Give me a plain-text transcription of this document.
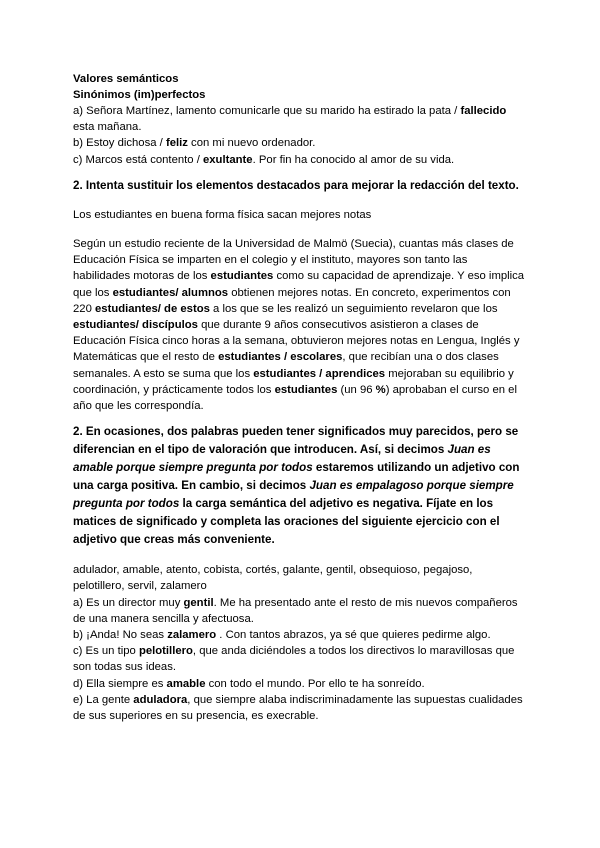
Valores semánticos

Sinónimos (im)perfectos

a) Señora Martínez, lamento comunicarle que su marido ha estirado la pata / fallecido esta mañana.

b) Estoy dichosa / feliz con mi nuevo ordenador.

c) Marcos está contento / exultante. Por fin ha conocido al amor de su vida.

2. Intenta sustituir los elementos destacados para mejorar la redacción del texto.

Los estudiantes en buena forma física sacan mejores notas

Según un estudio reciente de la Universidad de Malmö (Suecia), cuantas más clases de Educación Física se imparten en el colegio y el instituto, mayores son tanto las habilidades motoras de los estudiantes como su capacidad de aprendizaje. Y eso implica que los estudiantes/ alumnos obtienen mejores notas. En concreto, experimentos con 220 estudiantes/ de estos a los que se les realizó un seguimiento revelaron que los estudiantes/ discípulos que durante 9 años consecutivos asistieron a clases de Educación Física cinco horas a la semana, obtuvieron mejores notas en Lengua, Inglés y Matemáticas que el resto de estudiantes / escolares, que recibían una o dos clases semanales. A esto se suma que los estudiantes / aprendices mejoraban su equilibrio y coordinación, y prácticamente todos los estudiantes (un 96 %) aprobaban el curso en el año que les correspondía.

2. En ocasiones, dos palabras pueden tener significados muy parecidos, pero se diferencian en el tipo de valoración que introducen. Así, si decimos Juan es amable porque siempre pregunta por todos estaremos utilizando un adjetivo con una carga positiva. En cambio, si decimos Juan es empalagoso porque siempre pregunta por todos la carga semántica del adjetivo es negativa. Fíjate en los matices de significado y completa las oraciones del siguiente ejercicio con el adjetivo que creas más conveniente.

adulador, amable, atento, cobista, cortés, galante, gentil, obsequioso, pegajoso, pelotillero, servil, zalamero

a) Es un director muy gentil. Me ha presentado ante el resto de mis nuevos compañeros de una manera sencilla y afectuosa.

b) ¡Anda! No seas zalamero . Con tantos abrazos, ya sé que quieres pedirme algo.

c) Es un tipo pelotillero, que anda diciéndoles a todos los directivos lo maravillosas que son todas sus ideas.

d) Ella siempre es amable con todo el mundo. Por ello te ha sonreído.

e) La gente aduladora, que siempre alaba indiscriminadamente las supuestas cualidades de sus superiores en su presencia, es execrable.
